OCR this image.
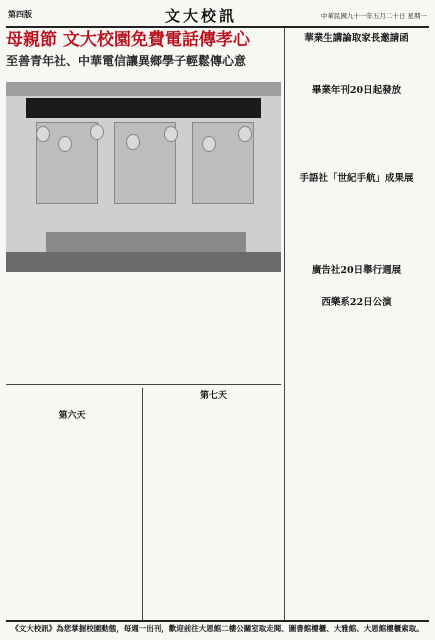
第四版	文大校訊	中華民國九十一年五月二十日 星期一
母親節 文大校園免費電話傳孝心
至善青年社、中華電信讓異鄉學子輕鬆傳心意
第六天
第七天
華業生講論取家長邀請函
畢業年刊20日起發放
手語社「世紀手航」成果展
廣告社20日舉行週展
西樂系22日公演
《文大校訊》為您掌握校園動態，每週一出刊，歡迎前往大恩館二樓公關室取走閱、圖書館樓櫃、大雅館、大恩館樓櫃索取。
